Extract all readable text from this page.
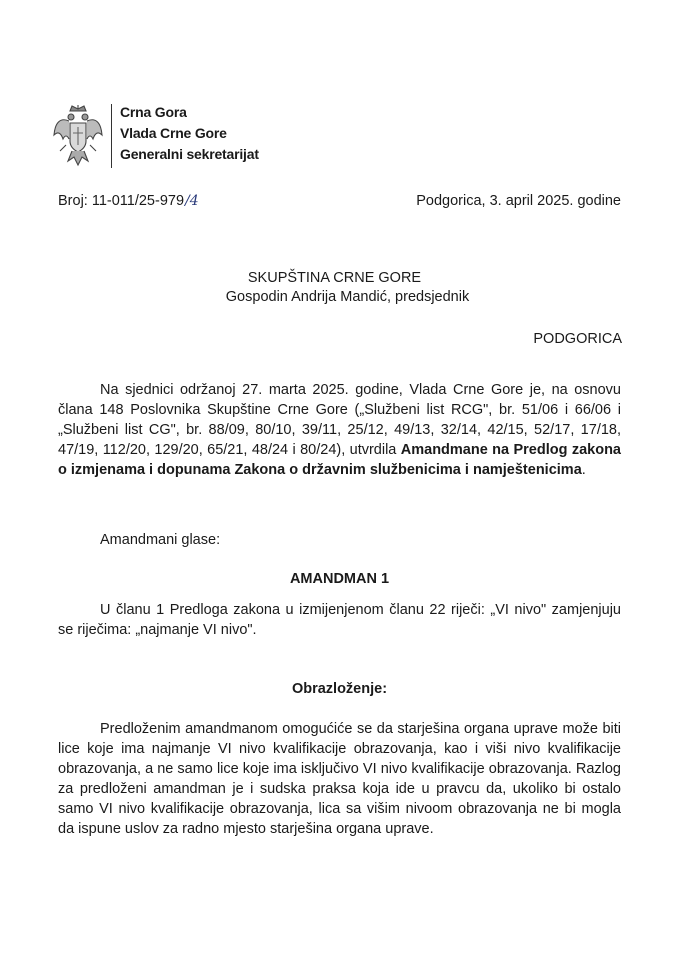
Crna Gora
Vlada Crne Gore
Generalni sekretarijat
Broj: 11-011/25-979/4	Podgorica, 3. april 2025. godine
SKUPŠTINA CRNE GORE
Gospodin Andrija Mandić, predsjednik
PODGORICA
Na sjednici održanoj 27. marta 2025. godine, Vlada Crne Gore je, na osnovu člana 148 Poslovnika Skupštine Crne Gore („Službeni list RCG", br. 51/06 i 66/06 i „Službeni list CG", br. 88/09, 80/10, 39/11, 25/12, 49/13, 32/14, 42/15, 52/17, 17/18, 47/19, 112/20, 129/20, 65/21, 48/24 i 80/24), utvrdila Amandmane na Predlog zakona o izmjenama i dopunama Zakona o državnim službenicima i namještenicima.
Amandmani glase:
AMANDMAN 1
U članu 1 Predloga zakona u izmijenjenom članu 22 riječi: „VI nivo" zamjenjuju se riječima: „najmanje VI nivo".
Obrazloženje:
Predloženim amandmanom omogućiće se da starješina organa uprave može biti lice koje ima najmanje VI nivo kvalifikacije obrazovanja, kao i viši nivo kvalifikacije obrazovanja, a ne samo lice koje ima isključivo VI nivo kvalifikacije obrazovanja. Razlog za predloženi amandman je i sudska praksa koja ide u pravcu da, ukoliko bi ostalo samo VI nivo kvalifikacije obrazovanja, lica sa višim nivoom obrazovanja ne bi mogla da ispune uslov za radno mjesto starješina organa uprave.
